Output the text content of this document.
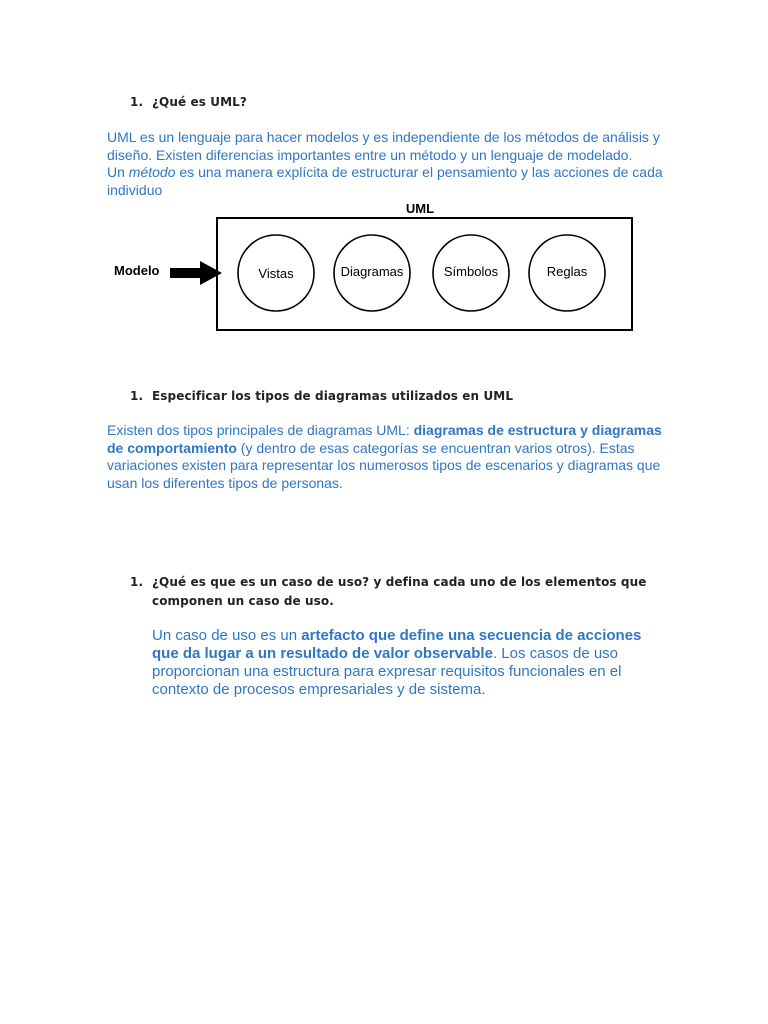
1. ¿Qué es UML?
UML es un lenguaje para hacer modelos y es independiente de los métodos de análisis y
diseño. Existen diferencias importantes entre un método y un lenguaje de modelado.
Un método es una manera explícita de estructurar el pensamiento y las acciones de cada
individuo
UML
Modelo	Vistas	Diagramas	Símbolos	Reglas
1. Especificar los tipos de diagramas utilizados en UML
Existen dos tipos principales de diagramas UML: diagramas de estructura y diagramas de comportamiento (y dentro de esas categorías se encuentran varios otros). Estas variaciones existen para representar los numerosos tipos de escenarios y diagramas que usan los diferentes tipos de personas.
1. ¿Qué es que es un caso de uso? y defina cada uno de los elementos que
componen un caso de uso.
Un caso de uso es un artefacto que define una secuencia de acciones que da lugar a un resultado de valor observable. Los casos de uso proporcionan una estructura para expresar requisitos funcionales en el contexto de procesos empresariales y de sistema.
